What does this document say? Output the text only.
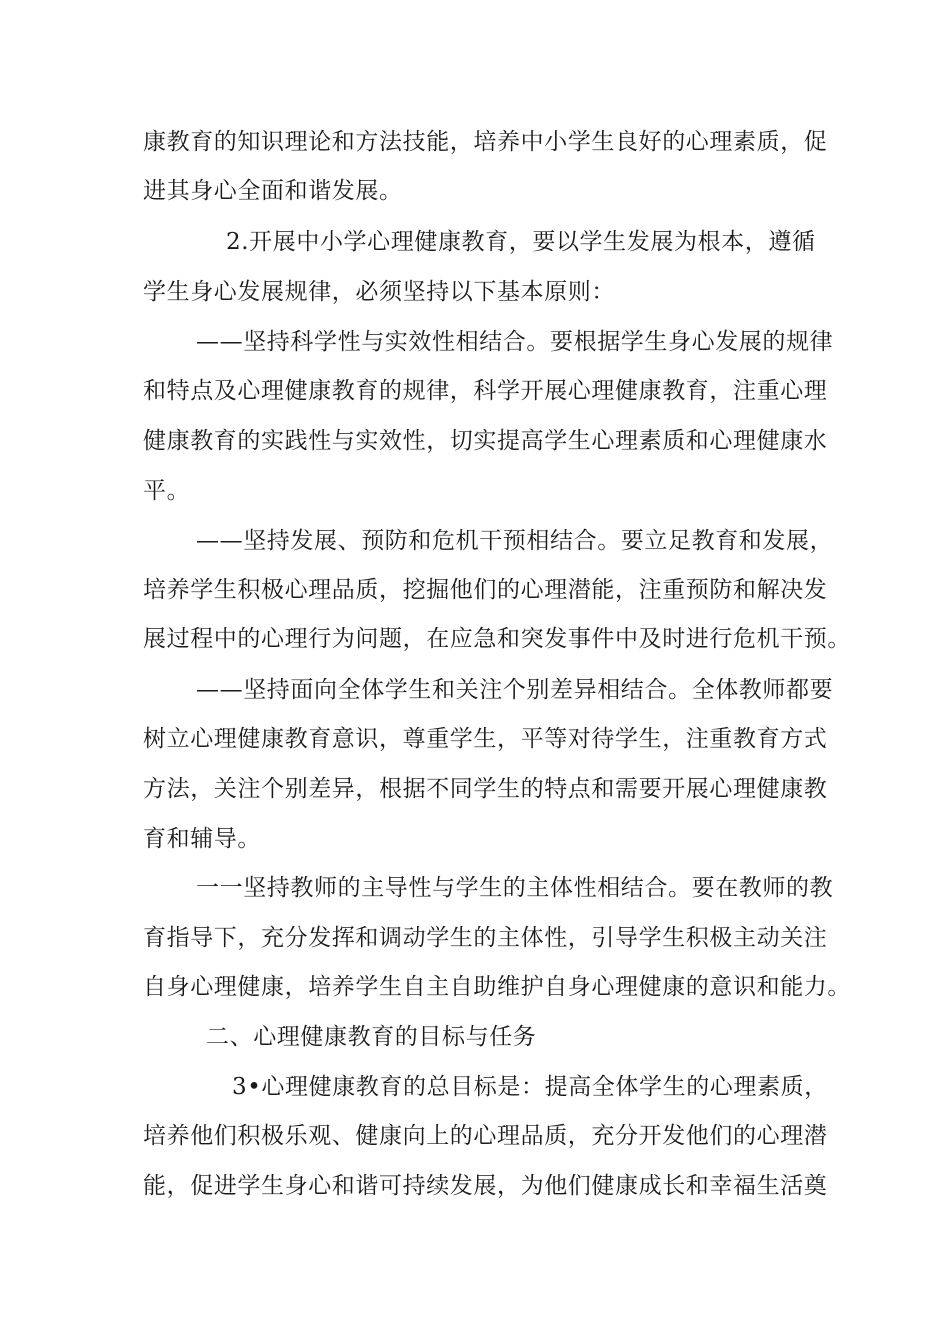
康教育的知识理论和方法技能，培养中小学生良好的心理素质，促
进其身心全面和谐发展。
2.开展中小学心理健康教育，要以学生发展为根本，遵循
学生身心发展规律，必须坚持以下基本原则：
——坚持科学性与实效性相结合。要根据学生身心发展的规律
和特点及心理健康教育的规律，科学开展心理健康教育，注重心理
健康教育的实践性与实效性，切实提高学生心理素质和心理健康水
平。
——坚持发展、预防和危机干预相结合。要立足教育和发展，
培养学生积极心理品质，挖掘他们的心理潜能，注重预防和解决发
展过程中的心理行为问题，在应急和突发事件中及时进行危机干预。
——坚持面向全体学生和关注个别差异相结合。全体教师都要
树立心理健康教育意识，尊重学生，平等对待学生，注重教育方式
方法，关注个别差异，根据不同学生的特点和需要开展心理健康教
育和辅导。
一一坚持教师的主导性与学生的主体性相结合。要在教师的教
育指导下，充分发挥和调动学生的主体性，引导学生积极主动关注
自身心理健康，培养学生自主自助维护自身心理健康的意识和能力。
二、心理健康教育的目标与任务
3•心理健康教育的总目标是：提高全体学生的心理素质，
培养他们积极乐观、健康向上的心理品质，充分开发他们的心理潜
能，促进学生身心和谐可持续发展，为他们健康成长和幸福生活奠
